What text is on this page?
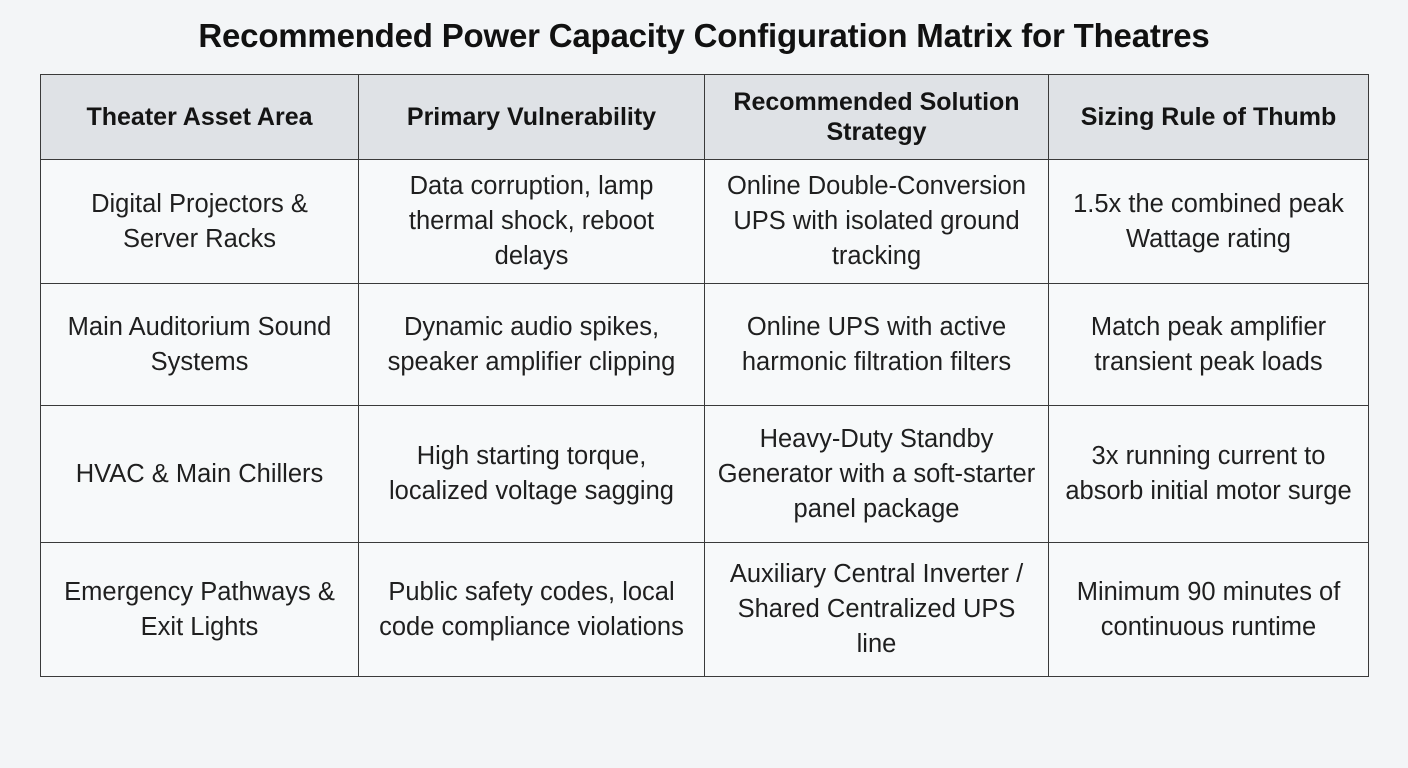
Recommended Power Capacity Configuration Matrix for Theatres
Theater Asset Area	Primary Vulnerability	Recommended Solution Strategy	Sizing Rule of Thumb
Digital Projectors & Server Racks	Data corruption, lamp thermal shock, reboot delays	Online Double-Conversion UPS with isolated ground tracking	1.5x the combined peak Wattage rating
Main Auditorium Sound Systems	Dynamic audio spikes, speaker amplifier clipping	Online UPS with active harmonic filtration filters	Match peak amplifier transient peak loads
HVAC & Main Chillers	High starting torque, localized voltage sagging	Heavy-Duty Standby Generator with a soft-starter panel package	3x running current to absorb initial motor surge
Emergency Pathways & Exit Lights	Public safety codes, local code compliance violations	Auxiliary Central Inverter / Shared Centralized UPS line	Minimum 90 minutes of continuous runtime
